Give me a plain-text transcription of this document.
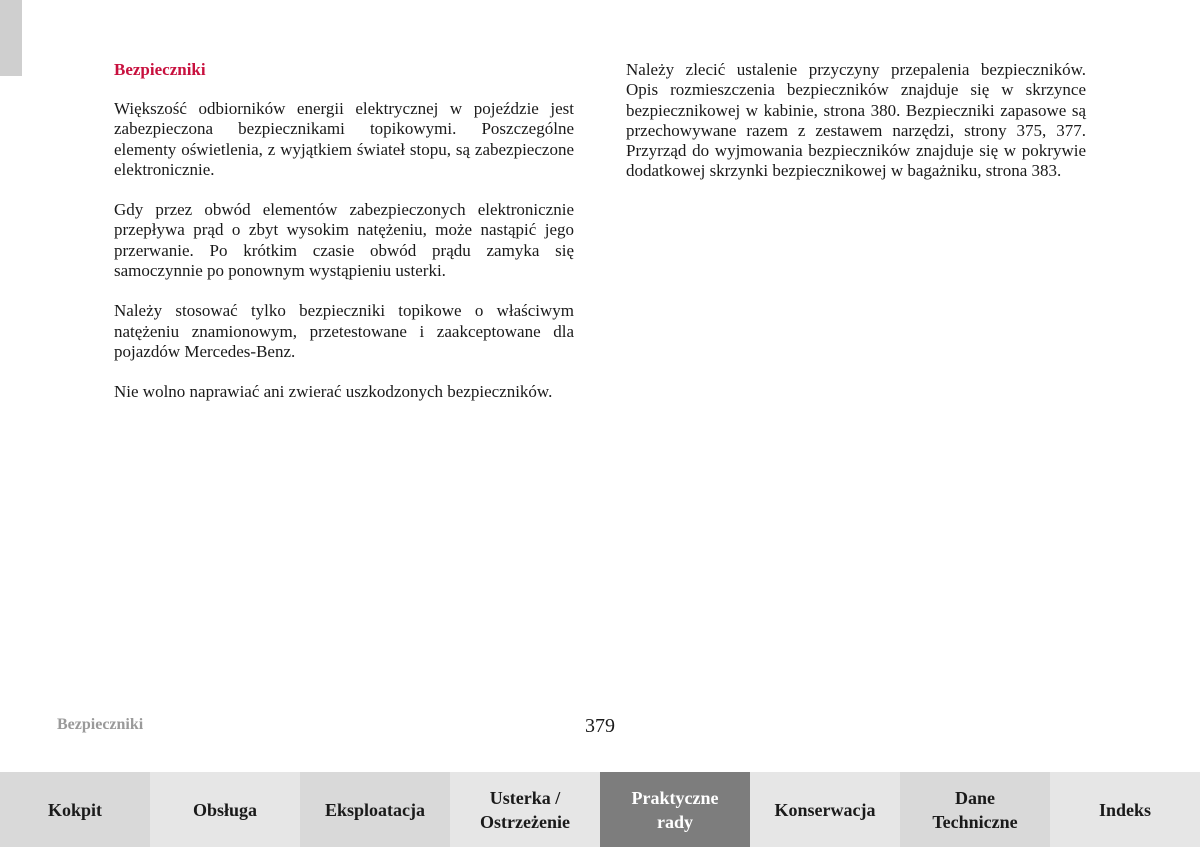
Bezpieczniki

Większość odbiorników energii elektrycznej w pojeździe jest zabezpieczona bezpiecznikami topikowymi. Poszczególne elementy oświetlenia, z wyjątkiem świateł stopu, są zabezpieczone elektronicznie.

Gdy przez obwód elementów zabezpieczonych elektronicznie przepływa prąd o zbyt wysokim natężeniu, może nastąpić jego przerwanie. Po krótkim czasie obwód prądu zamyka się samoczynnie po ponownym wystąpieniu usterki.

Należy stosować tylko bezpieczniki topikowe o właściwym natężeniu znamionowym, przetestowane i zaakceptowane dla pojazdów Mercedes-Benz.

Nie wolno naprawiać ani zwierać uszkodzonych bezpieczników.

Należy zlecić ustalenie przyczyny przepalenia bezpieczników. Opis rozmieszczenia bezpieczników znajduje się w skrzynce bezpiecznikowej w kabinie, strona 380. Bezpieczniki zapasowe są przechowywane razem z zestawem narzędzi, strony 375, 377. Przyrząd do wyjmowania bezpieczników znajduje się w pokrywie dodatkowej skrzynki bezpiecznikowej w bagażniku, strona 383.

Bezpieczniki	379
Kokpit	Obsługa	Eksploatacja
Usterka /
Ostrzeżenie
Praktyczne
rady
Konserwacja
Dane
Techniczne
Indeks
